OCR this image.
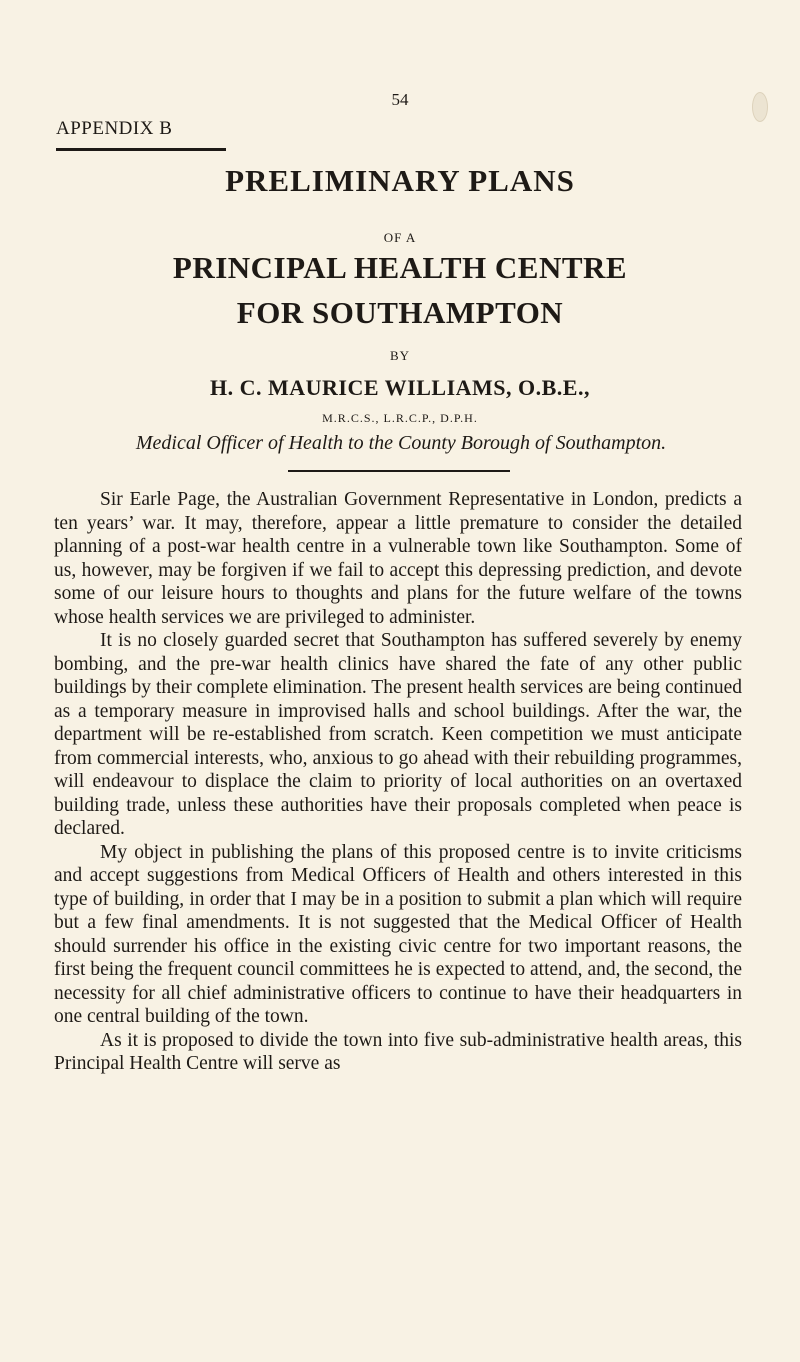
54
APPENDIX B
PRELIMINARY PLANS
OF A
PRINCIPAL HEALTH CENTRE
FOR SOUTHAMPTON
BY
H. C. MAURICE WILLIAMS, O.B.E.,
M.R.C.S., L.R.C.P., D.P.H.
Medical Officer of Health to the County Borough of Southampton.

Sir Earle Page, the Australian Government Representative in London, predicts a ten years’ war. It may, therefore, appear a little premature to consider the detailed planning of a post-war health centre in a vulnerable town like Southampton. Some of us, however, may be forgiven if we fail to accept this depressing prediction, and devote some of our leisure hours to thoughts and plans for the future welfare of the towns whose health services we are privileged to administer.

It is no closely guarded secret that Southampton has suffered severely by enemy bombing, and the pre-war health clinics have shared the fate of any other public buildings by their complete elimination. The present health services are being continued as a temporary measure in improvised halls and school buildings. After the war, the department will be re-established from scratch. Keen competition we must anticipate from commercial interests, who, anxious to go ahead with their rebuilding programmes, will endeavour to displace the claim to priority of local authorities on an overtaxed building trade, unless these authorities have their proposals completed when peace is declared.

My object in publishing the plans of this proposed centre is to invite criticisms and accept suggestions from Medical Officers of Health and others interested in this type of building, in order that I may be in a position to submit a plan which will require but a few final amendments. It is not suggested that the Medical Officer of Health should surrender his office in the existing civic centre for two important reasons, the first being the frequent council committees he is expected to attend, and, the second, the necessity for all chief administrative officers to continue to have their headquarters in one central building of the town.

As it is proposed to divide the town into five sub-administrative health areas, this Principal Health Centre will serve as
